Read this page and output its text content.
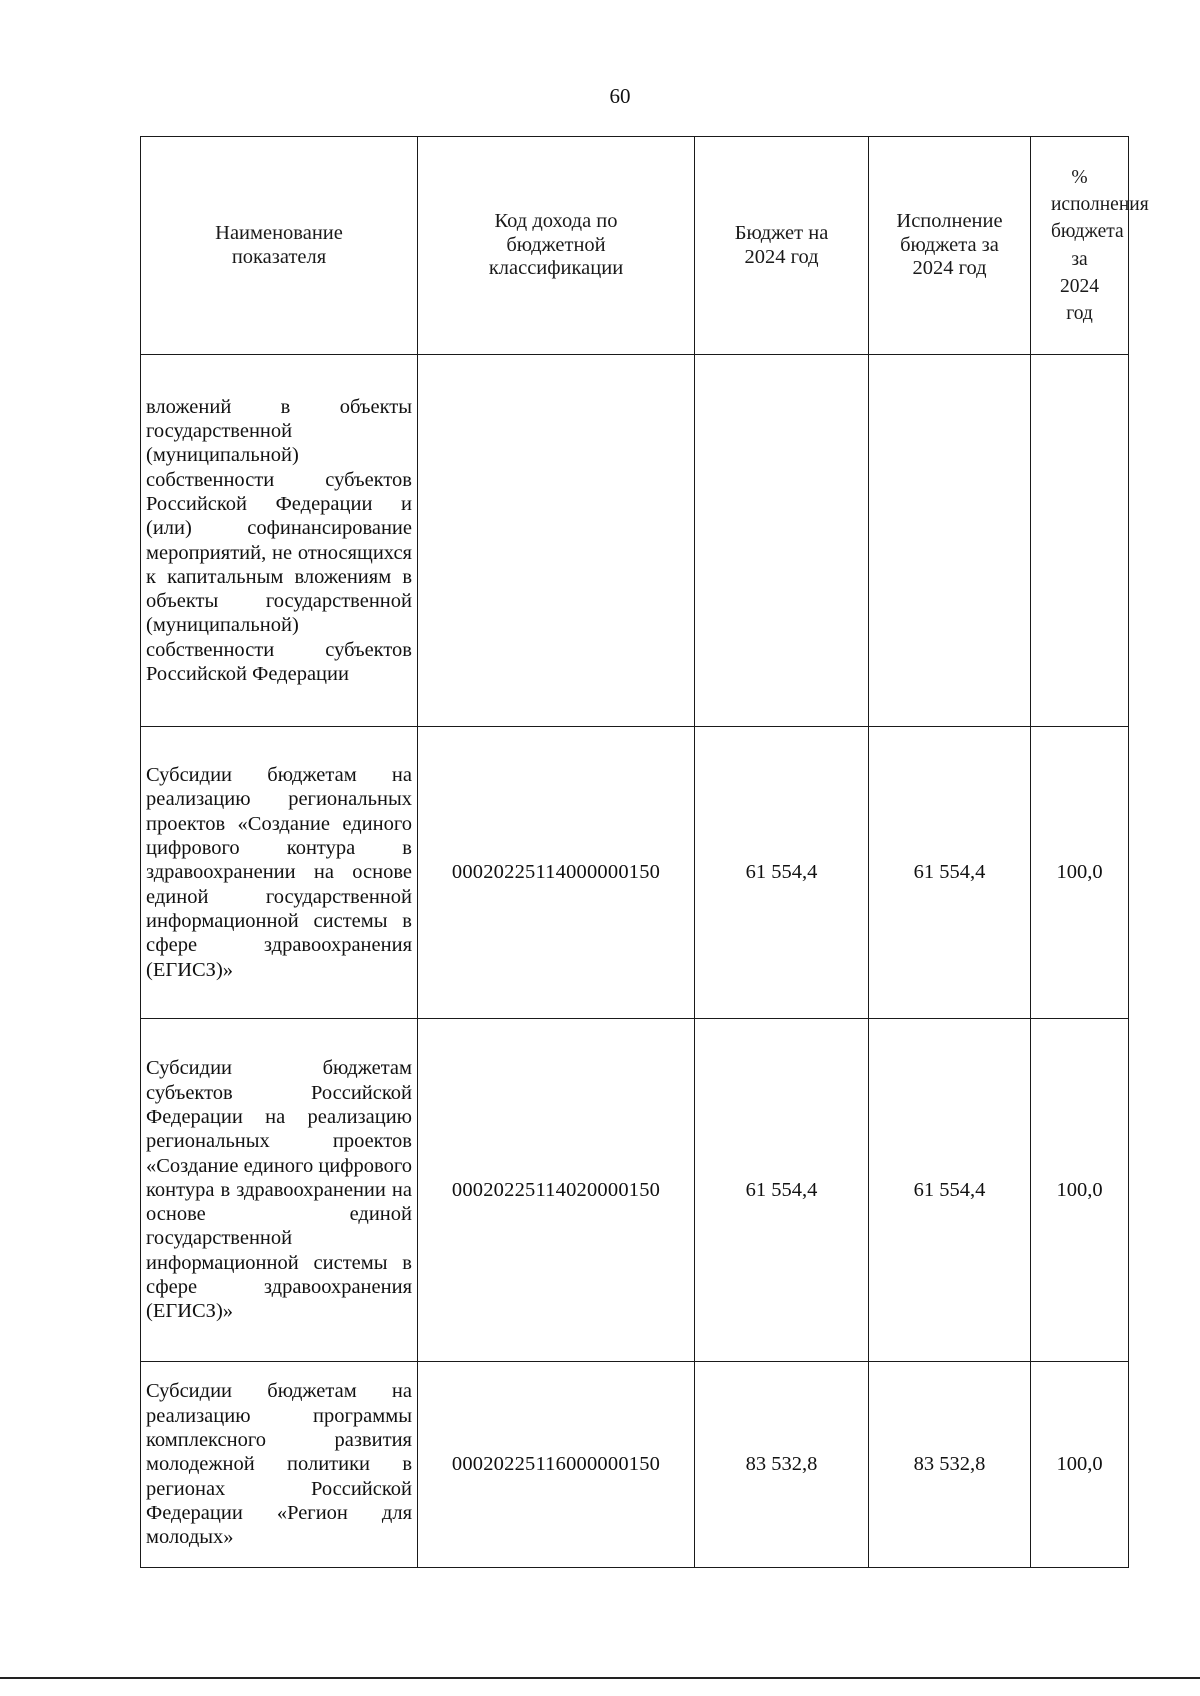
60
Наименование показателя	Код дохода по бюджетной классификации	Бюджет на 2024 год	Исполнение бюджета за 2024 год	% исполнения бюджета за 2024 год
вложений в объекты государственной (муниципальной) собственности субъектов Российской Федерации и (или) софинансирование мероприятий, не относящихся к капитальным вложениям в объекты государственной (муниципальной) собственности субъектов Российской Федерации				
Субсидии бюджетам на реализацию региональных проектов «Создание единого цифрового контура в здравоохранении на основе единой государственной информационной системы в сфере здравоохранения (ЕГИСЗ)»	00020225114000000150	61 554,4	61 554,4	100,0
Субсидии бюджетам субъектов Российской Федерации на реализацию региональных проектов «Создание единого цифрового контура в здравоохранении на основе единой государственной информационной системы в сфере здравоохранения (ЕГИСЗ)»	00020225114020000150	61 554,4	61 554,4	100,0
Субсидии бюджетам на реализацию программы комплексного развития молодежной политики в регионах Российской Федерации «Регион для молодых»	00020225116000000150	83 532,8	83 532,8	100,0
